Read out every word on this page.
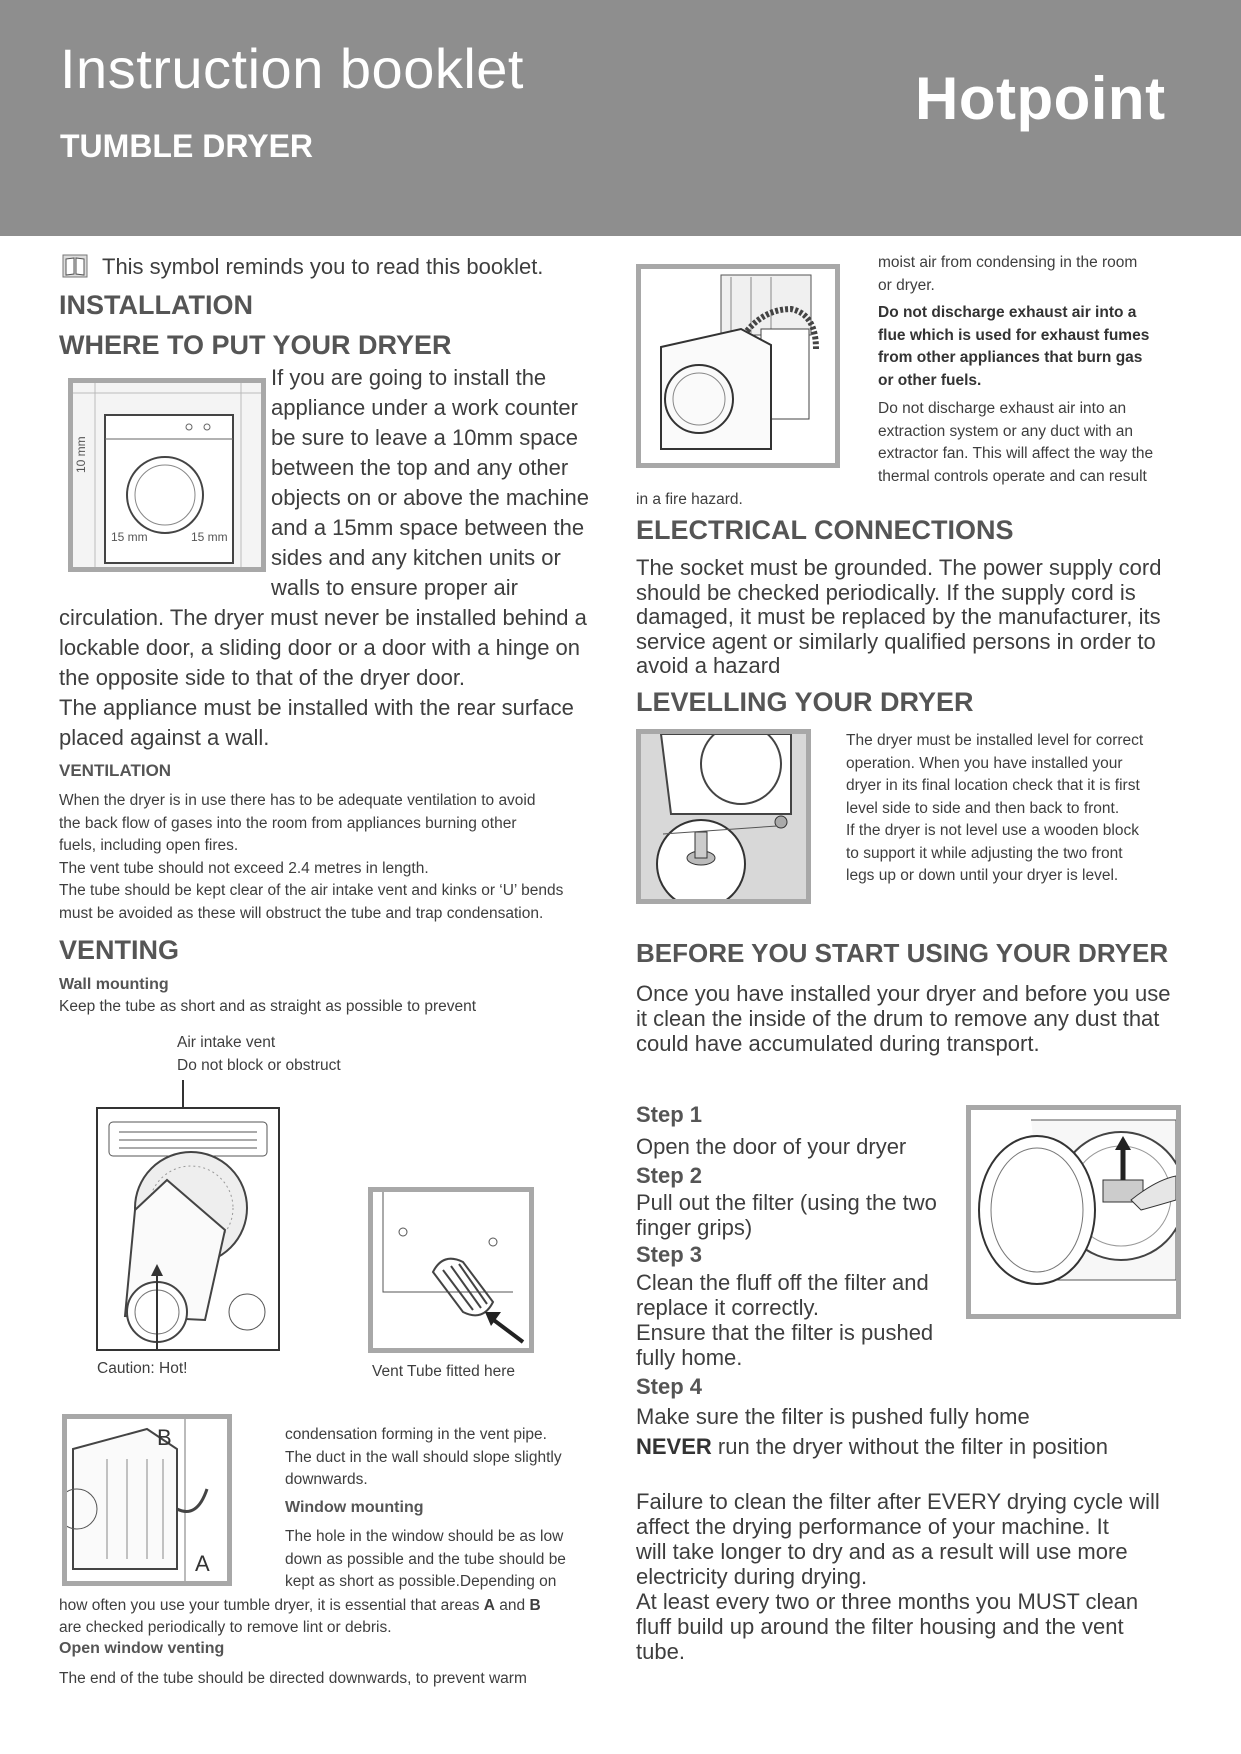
Instruction booklet
TUMBLE DRYER
Hotpoint
This symbol reminds you to read this booklet.
INSTALLATION
WHERE TO PUT YOUR DRYER
10 mm
15 mm	15 mm
If you are going to install the
appliance under a work counter
be sure to leave a 10mm space
between the top and any other
objects on or above the machine
and a 15mm space between the
sides and any kitchen units or
walls to ensure proper air
circulation. The dryer must never be installed behind a
lockable door, a sliding door or a door with a hinge on
the opposite side to that of the dryer door.
The appliance must be installed with the rear surface
placed against a wall.
VENTILATION
When the dryer is in use there has to be adequate ventilation to avoid
the back flow of gases into the room from appliances burning other
fuels, including open fires.
The vent tube should not exceed 2.4 metres in length.
The tube should be kept clear of the air intake vent and kinks or ‘U’ bends
must be avoided as these will obstruct the tube and trap condensation.
VENTING
Wall mounting
Keep the tube as short and as straight as possible to prevent
Air intake vent
Do not block or obstruct
Caution: Hot!	Vent Tube fitted here
B
A
condensation forming in the vent pipe.
The duct in the wall should slope slightly
downwards.
Window mounting
The hole in the window should be as low
down as possible and the tube should be
kept as short as possible.Depending on
how often you use your tumble dryer, it is essential that areas A and B
are checked periodically to remove lint or debris.
Open window venting
The end of the tube should be directed downwards, to prevent warm
moist air from condensing in the room
or dryer.
Do not discharge exhaust air into a
flue which is used for exhaust fumes
from other appliances that burn gas
or other fuels.
Do not discharge exhaust air into an
extraction system or any duct with an
extractor fan. This will affect the way the
thermal controls operate and can result
in a fire hazard.
ELECTRICAL CONNECTIONS
The socket must be grounded. The power supply cord
should be checked periodically. If the supply cord is
damaged, it must be replaced by the manufacturer, its
service agent or similarly qualified persons in order to
avoid a hazard
LEVELLING YOUR DRYER
The dryer must be installed level for correct
operation. When you have installed your
dryer in its final location check that it is first
level side to side and then back to front.
If the dryer is not level use a wooden block
to support it while adjusting the two front
legs up or down until your dryer is level.
BEFORE YOU START USING YOUR DRYER
Once you have installed your dryer and before you use
it clean the inside of the drum to remove any dust that
could have accumulated during transport.
Step 1
Open the door of your dryer
Step 2
Pull out the filter (using the two
finger grips)
Step 3
Clean the fluff off the filter and
replace it correctly.
Ensure that the filter is pushed
fully home.
Step 4
Make sure the filter is pushed fully home
NEVER run the dryer without the filter in position
Failure to clean the filter after EVERY drying cycle will
affect the drying performance of your machine. It
will take longer to dry and as a result will use more
electricity during drying.
At least every two or three months you MUST clean
fluff build up around the filter housing and the vent
tube.
